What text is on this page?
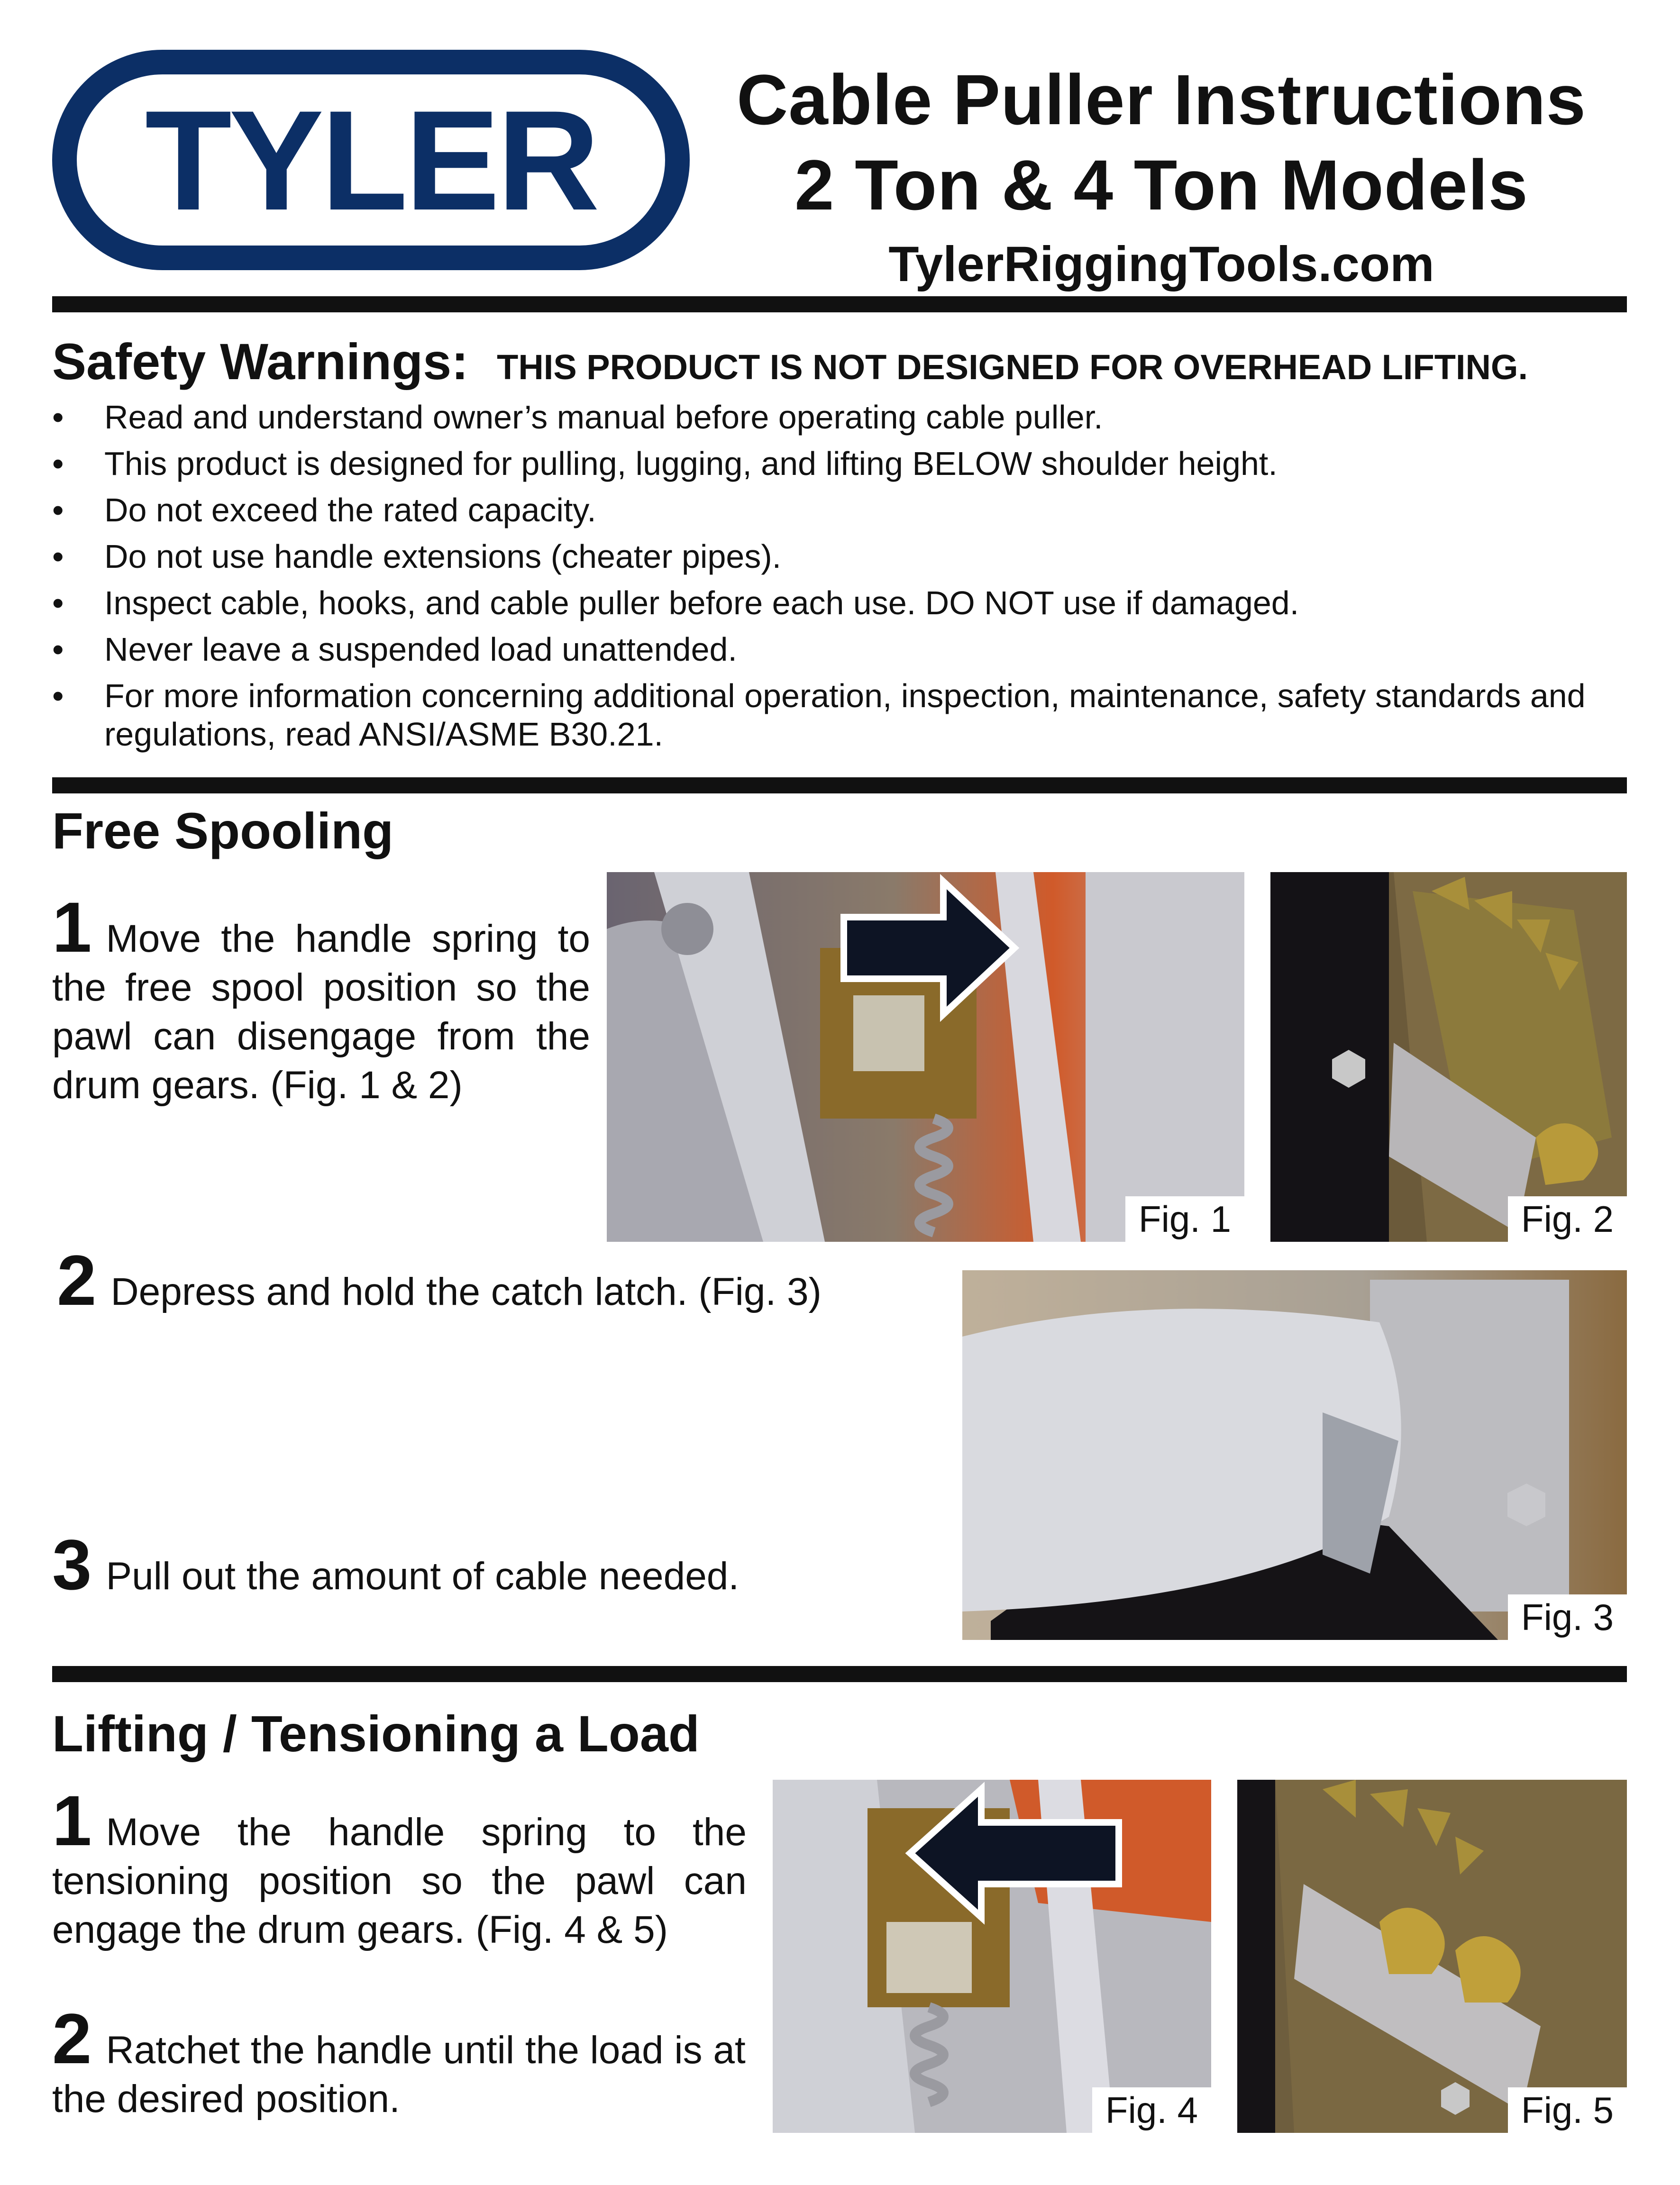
TYLER	Cable Puller Instructions
2 Ton & 4 Ton Models
TylerRiggingTools.com
Safety Warnings: THIS PRODUCT IS NOT DESIGNED FOR OVERHEAD LIFTING.
• Read and understand owner’s manual before operating cable puller.
• This product is designed for pulling, lugging, and lifting BELOW shoulder height.
• Do not exceed the rated capacity.
• Do not use handle extensions (cheater pipes).
• Inspect cable, hooks, and cable puller before each use. DO NOT use if damaged.
• Never leave a suspended load unattended.
• For more information concerning additional operation, inspection, maintenance, safety standards and regulations, read ANSI/ASME B30.21.
Free Spooling
1 Move the handle spring to the free spool position so the pawl can disengage from the drum gears. (Fig. 1 & 2)
2 Depress and hold the catch latch. (Fig. 3)
3 Pull out the amount of cable needed.
Fig. 1	Fig. 2
Fig. 3
Lifting / Tensioning a Load
1 Move the handle spring to the tensioning position so the pawl can engage the drum gears. (Fig. 4 & 5)
2 Ratchet the handle until the load is at the desired position.	Fig. 4	Fig. 5
